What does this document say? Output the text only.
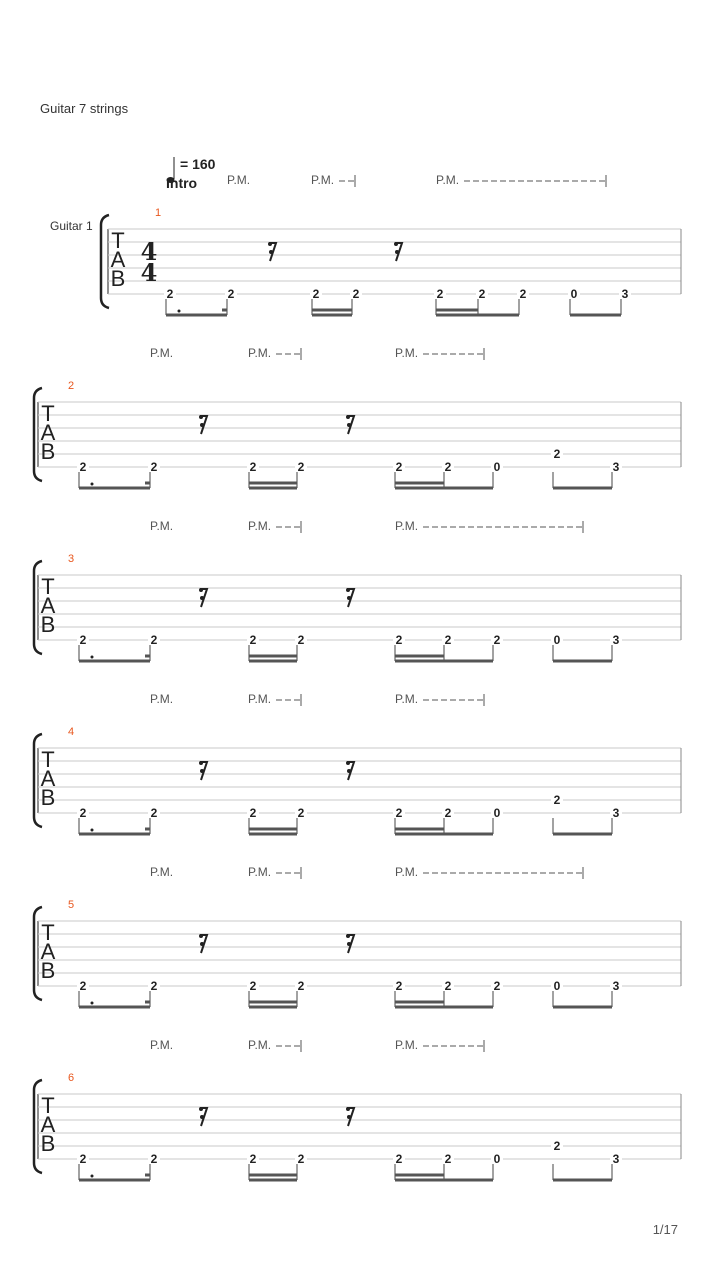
Guitar 7 strings
= 160
Intro
Guitar 1
1/17
T
A
B
4
4
1
P.M.	P.M.	P.M.
2	2	2	2	2	2	2	0	3
T
A
B
2
P.M.	P.M.	P.M.
2	2	2	2	2	2	0
2
3
T
A
B
3
P.M.	P.M.	P.M.
2	2	2	2	2	2	2	0	3
T
A
B
4
P.M.	P.M.	P.M.
2	2	2	2	2	2	0
2
3
T
A
B
5
P.M.	P.M.	P.M.
2	2	2	2	2	2	2	0	3
T
A
B
6
P.M.	P.M.	P.M.
2	2	2	2	2	2	0
2
3
